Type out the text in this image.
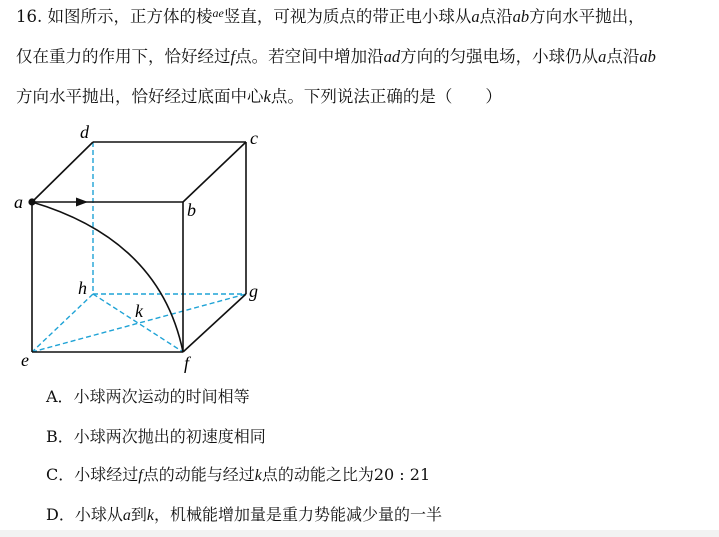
16. 如图所示，正方体的棱$^{ae}$竖直，可视为质点的带正电小球从a点沿ab方向水平抛出，
仅在重力的作用下，恰好经过f点。若空间中增加沿ad方向的匀强电场，小球仍从a点沿ab
方向水平抛出，恰好经过底面中心k点。下列说法正确的是（　　）
a	b
c
d
e	f
g
h
k
A．小球两次运动的时间相等
B．小球两次抛出的初速度相同
C．小球经过f点的动能与经过k点的动能之比为20 : 21
D．小球从a到k，机械能增加量是重力势能减少量的一半
